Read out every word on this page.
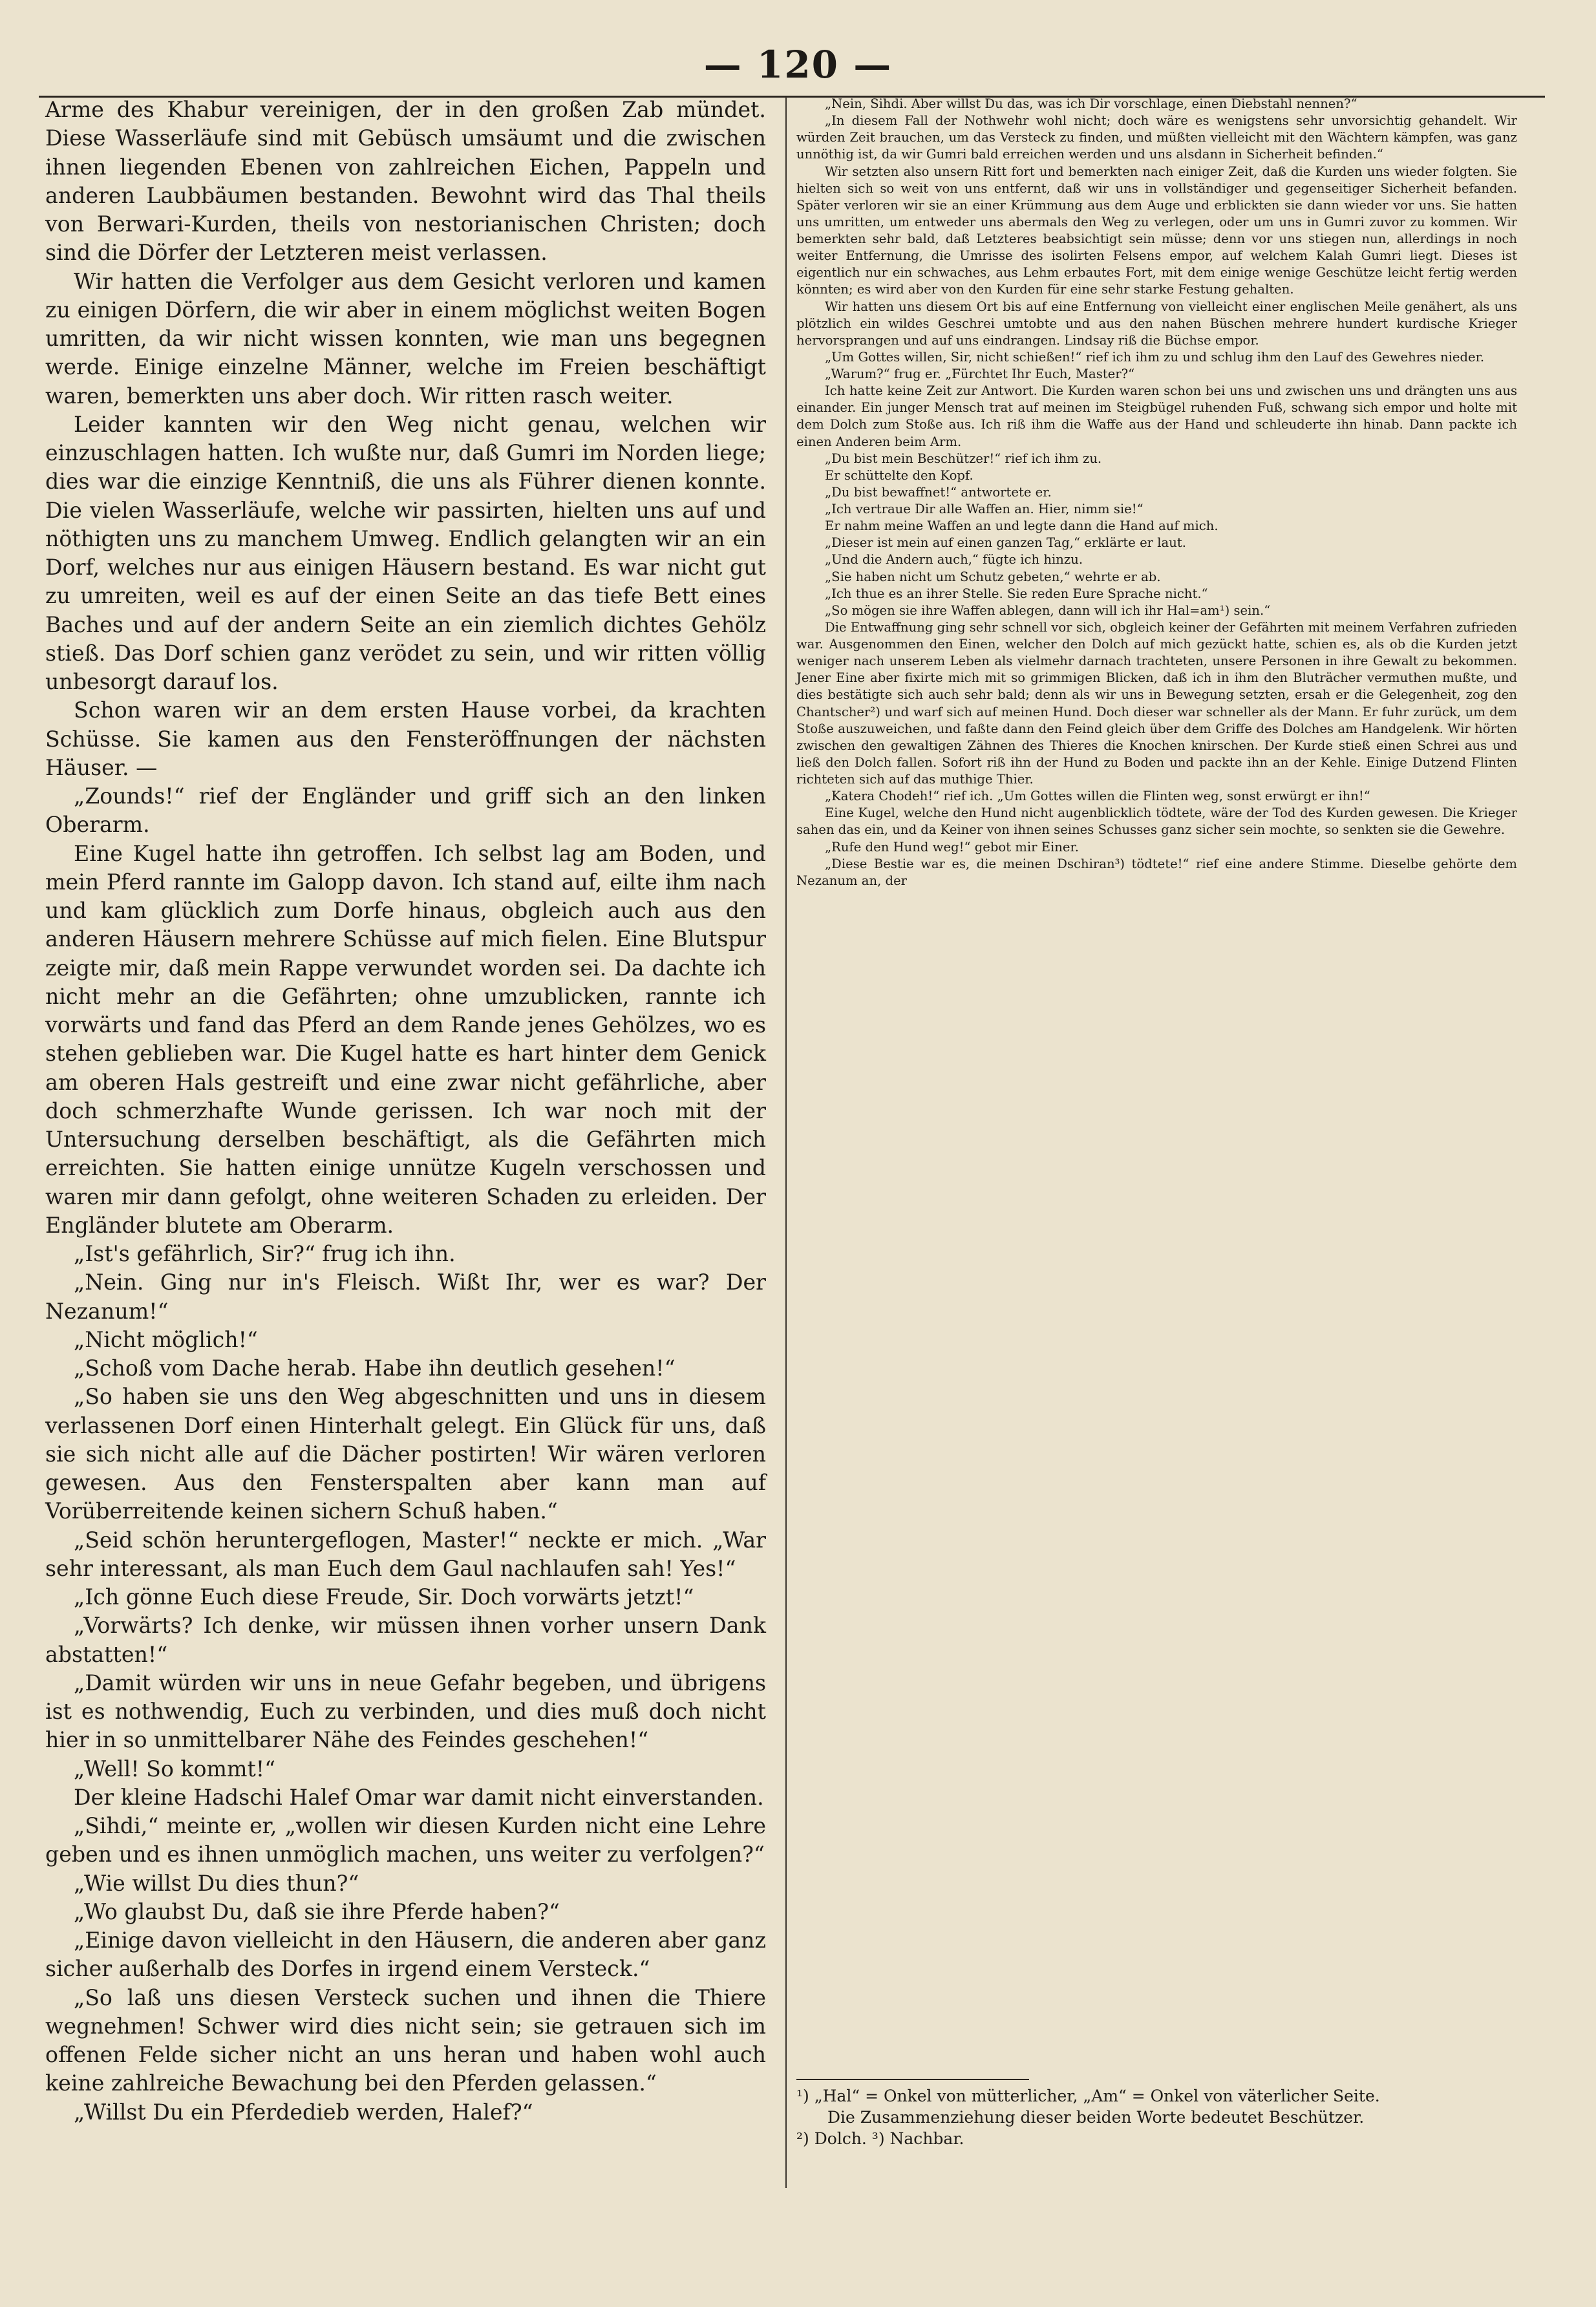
— 120 —

Arme des Khabur vereinigen, der in den großen Zab mündet. Diese Wasserläufe sind mit Gebüsch umsäumt und die zwischen ihnen liegenden Ebenen von zahlreichen Eichen, Pappeln und anderen Laubbäumen bestanden. Bewohnt wird das Thal theils von Berwari-Kurden, theils von nestorianischen Christen; doch sind die Dörfer der Letzteren meist verlassen.

Wir hatten die Verfolger aus dem Gesicht verloren und kamen zu einigen Dörfern, die wir aber in einem möglichst weiten Bogen umritten, da wir nicht wissen konnten, wie man uns begegnen werde. Einige einzelne Männer, welche im Freien beschäftigt waren, bemerkten uns aber doch. Wir ritten rasch weiter.

Leider kannten wir den Weg nicht genau, welchen wir einzuschlagen hatten. Ich wußte nur, daß Gumri im Norden liege; dies war die einzige Kenntniß, die uns als Führer dienen konnte. Die vielen Wasserläufe, welche wir passirten, hielten uns auf und nöthigten uns zu manchem Umweg. Endlich gelangten wir an ein Dorf, welches nur aus einigen Häusern bestand. Es war nicht gut zu umreiten, weil es auf der einen Seite an das tiefe Bett eines Baches und auf der andern Seite an ein ziemlich dichtes Gehölz stieß. Das Dorf schien ganz verödet zu sein, und wir ritten völlig unbesorgt darauf los.

Schon waren wir an dem ersten Hause vorbei, da krachten Schüsse. Sie kamen aus den Fensteröffnungen der nächsten Häuser. —

„Zounds!“ rief der Engländer und griff sich an den linken Oberarm.

Eine Kugel hatte ihn getroffen. Ich selbst lag am Boden, und mein Pferd rannte im Galopp davon. Ich stand auf, eilte ihm nach und kam glücklich zum Dorfe hinaus, obgleich auch aus den anderen Häusern mehrere Schüsse auf mich fielen. Eine Blutspur zeigte mir, daß mein Rappe verwundet worden sei. Da dachte ich nicht mehr an die Gefährten; ohne umzublicken, rannte ich vorwärts und fand das Pferd an dem Rande jenes Gehölzes, wo es stehen geblieben war. Die Kugel hatte es hart hinter dem Genick am oberen Hals gestreift und eine zwar nicht gefährliche, aber doch schmerzhafte Wunde gerissen. Ich war noch mit der Untersuchung derselben beschäftigt, als die Gefährten mich erreichten. Sie hatten einige unnütze Kugeln verschossen und waren mir dann gefolgt, ohne weiteren Schaden zu erleiden. Der Engländer blutete am Oberarm.

„Ist's gefährlich, Sir?“ frug ich ihn.

„Nein. Ging nur in's Fleisch. Wißt Ihr, wer es war? Der Nezanum!“

„Nicht möglich!“

„Schoß vom Dache herab. Habe ihn deutlich gesehen!“

„So haben sie uns den Weg abgeschnitten und uns in diesem verlassenen Dorf einen Hinterhalt gelegt. Ein Glück für uns, daß sie sich nicht alle auf die Dächer postirten! Wir wären verloren gewesen. Aus den Fensterspalten aber kann man auf Vorüberreitende keinen sichern Schuß haben.“

„Seid schön heruntergeflogen, Master!“ neckte er mich. „War sehr interessant, als man Euch dem Gaul nachlaufen sah! Yes!“

„Ich gönne Euch diese Freude, Sir. Doch vorwärts jetzt!“

„Vorwärts? Ich denke, wir müssen ihnen vorher unsern Dank abstatten!“

„Damit würden wir uns in neue Gefahr begeben, und übrigens ist es nothwendig, Euch zu verbinden, und dies muß doch nicht hier in so unmittelbarer Nähe des Feindes geschehen!“

„Well! So kommt!“

Der kleine Hadschi Halef Omar war damit nicht einverstanden.

„Sihdi,“ meinte er, „wollen wir diesen Kurden nicht eine Lehre geben und es ihnen unmöglich machen, uns weiter zu verfolgen?“

„Wie willst Du dies thun?“

„Wo glaubst Du, daß sie ihre Pferde haben?“

„Einige davon vielleicht in den Häusern, die anderen aber ganz sicher außerhalb des Dorfes in irgend einem Versteck.“

„So laß uns diesen Versteck suchen und ihnen die Thiere wegnehmen! Schwer wird dies nicht sein; sie getrauen sich im offenen Felde sicher nicht an uns heran und haben wohl auch keine zahlreiche Bewachung bei den Pferden gelassen.“

„Willst Du ein Pferdedieb werden, Halef?“

„Nein, Sihdi. Aber willst Du das, was ich Dir vorschlage, einen Diebstahl nennen?“

„In diesem Fall der Nothwehr wohl nicht; doch wäre es wenigstens sehr unvorsichtig gehandelt. Wir würden Zeit brauchen, um das Versteck zu finden, und müßten vielleicht mit den Wächtern kämpfen, was ganz unnöthig ist, da wir Gumri bald erreichen werden und uns alsdann in Sicherheit befinden.“

Wir setzten also unsern Ritt fort und bemerkten nach einiger Zeit, daß die Kurden uns wieder folgten. Sie hielten sich so weit von uns entfernt, daß wir uns in vollständiger und gegenseitiger Sicherheit befanden. Später verloren wir sie an einer Krümmung aus dem Auge und erblickten sie dann wieder vor uns. Sie hatten uns umritten, um entweder uns abermals den Weg zu verlegen, oder um uns in Gumri zuvor zu kommen. Wir bemerkten sehr bald, daß Letzteres beabsichtigt sein müsse; denn vor uns stiegen nun, allerdings in noch weiter Entfernung, die Umrisse des isolirten Felsens empor, auf welchem Kalah Gumri liegt. Dieses ist eigentlich nur ein schwaches, aus Lehm erbautes Fort, mit dem einige wenige Geschütze leicht fertig werden könnten; es wird aber von den Kurden für eine sehr starke Festung gehalten.

Wir hatten uns diesem Ort bis auf eine Entfernung von vielleicht einer englischen Meile genähert, als uns plötzlich ein wildes Geschrei umtobte und aus den nahen Büschen mehrere hundert kurdische Krieger hervorsprangen und auf uns eindrangen. Lindsay riß die Büchse empor.

„Um Gottes willen, Sir, nicht schießen!“ rief ich ihm zu und schlug ihm den Lauf des Gewehres nieder.

„Warum?“ frug er. „Fürchtet Ihr Euch, Master?“

Ich hatte keine Zeit zur Antwort. Die Kurden waren schon bei uns und zwischen uns und drängten uns aus einander. Ein junger Mensch trat auf meinen im Steigbügel ruhenden Fuß, schwang sich empor und holte mit dem Dolch zum Stoße aus. Ich riß ihm die Waffe aus der Hand und schleuderte ihn hinab. Dann packte ich einen Anderen beim Arm.

„Du bist mein Beschützer!“ rief ich ihm zu.

Er schüttelte den Kopf.

„Du bist bewaffnet!“ antwortete er.

„Ich vertraue Dir alle Waffen an. Hier, nimm sie!“

Er nahm meine Waffen an und legte dann die Hand auf mich.

„Dieser ist mein auf einen ganzen Tag,“ erklärte er laut.

„Und die Andern auch,“ fügte ich hinzu.

„Sie haben nicht um Schutz gebeten,“ wehrte er ab.

„Ich thue es an ihrer Stelle. Sie reden Eure Sprache nicht.“

„So mögen sie ihre Waffen ablegen, dann will ich ihr Hal=am¹) sein.“

Die Entwaffnung ging sehr schnell vor sich, obgleich keiner der Gefährten mit meinem Verfahren zufrieden war. Ausgenommen den Einen, welcher den Dolch auf mich gezückt hatte, schien es, als ob die Kurden jetzt weniger nach unserem Leben als vielmehr darnach trachteten, unsere Personen in ihre Gewalt zu bekommen. Jener Eine aber fixirte mich mit so grimmigen Blicken, daß ich in ihm den Bluträcher vermuthen mußte, und dies bestätigte sich auch sehr bald; denn als wir uns in Bewegung setzten, ersah er die Gelegenheit, zog den Chantscher²) und warf sich auf meinen Hund. Doch dieser war schneller als der Mann. Er fuhr zurück, um dem Stoße auszuweichen, und faßte dann den Feind gleich über dem Griffe des Dolches am Handgelenk. Wir hörten zwischen den gewaltigen Zähnen des Thieres die Knochen knirschen. Der Kurde stieß einen Schrei aus und ließ den Dolch fallen. Sofort riß ihn der Hund zu Boden und packte ihn an der Kehle. Einige Dutzend Flinten richteten sich auf das muthige Thier.

„Katera Chodeh!“ rief ich. „Um Gottes willen die Flinten weg, sonst erwürgt er ihn!“

Eine Kugel, welche den Hund nicht augenblicklich tödtete, wäre der Tod des Kurden gewesen. Die Krieger sahen das ein, und da Keiner von ihnen seines Schusses ganz sicher sein mochte, so senkten sie die Gewehre.

„Rufe den Hund weg!“ gebot mir Einer.

„Diese Bestie war es, die meinen Dschiran³) tödtete!“ rief eine andere Stimme. Dieselbe gehörte dem Nezanum an, der

¹) „Hal“ = Onkel von mütterlicher, „Am“ = Onkel von väterlicher Seite.

Die Zusammenziehung dieser beiden Worte bedeutet Beschützer.

²) Dolch. ³) Nachbar.
